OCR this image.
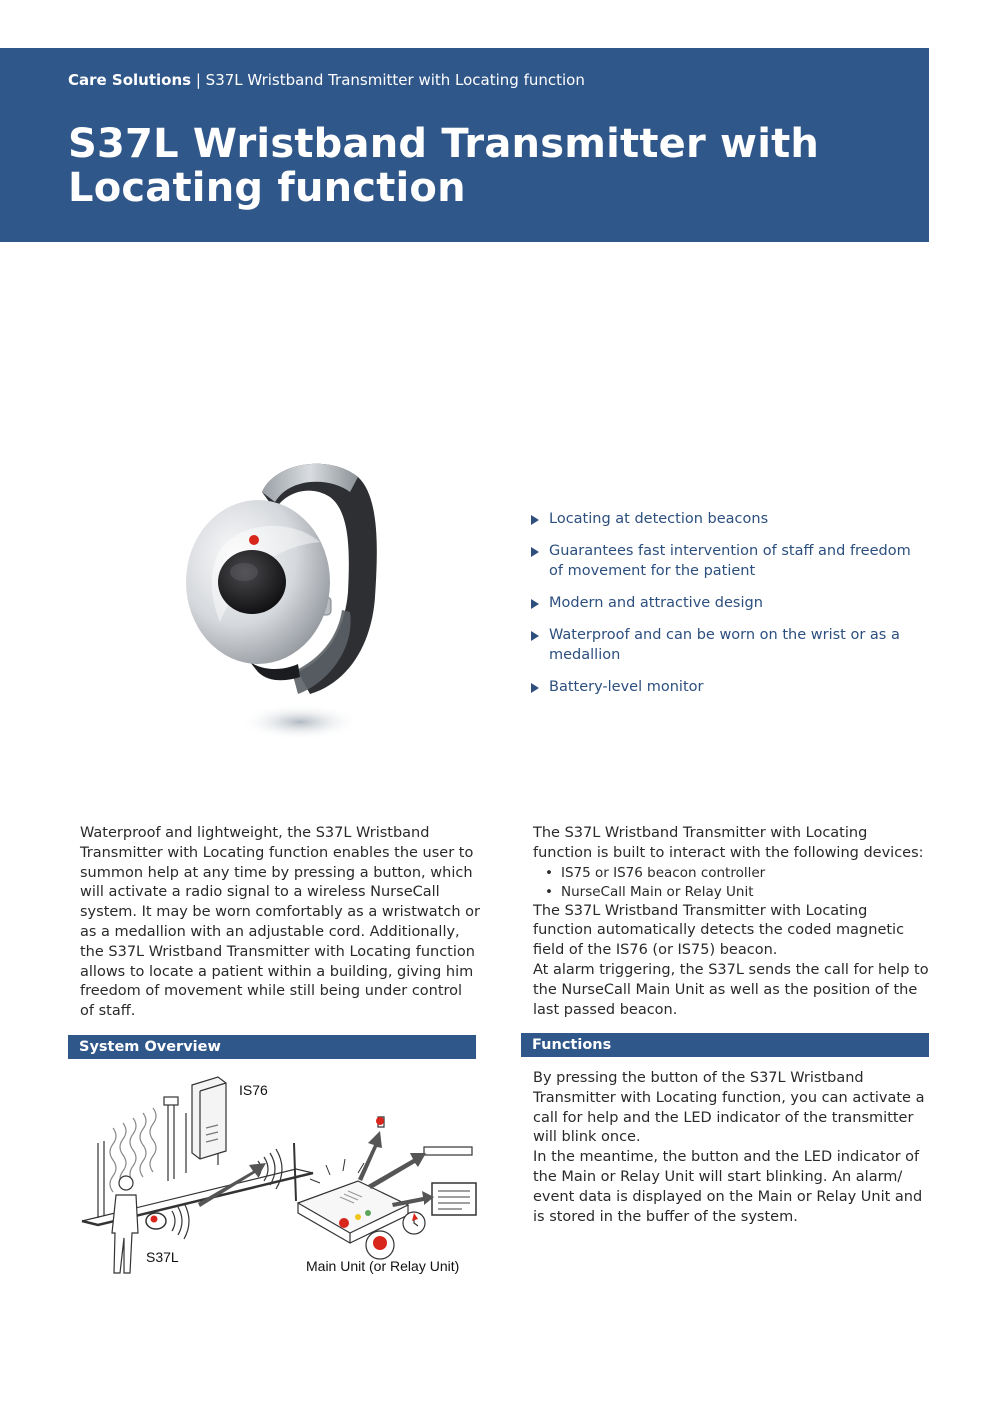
Care Solutions | S37L Wristband Transmitter with Locating function
S37L Wristband Transmitter with Locating function
Locating at detection beacons
Guarantees fast intervention of staff and freedom of movement for the patient
Modern and attractive design
Waterproof and can be worn on the wrist or as a medallion
Battery-level monitor

Waterproof and lightweight, the S37L Wristband Transmitter with Locating function enables the user to summon help at any time by pressing a button, which will activate a radio signal to a wireless NurseCall system. It may be worn comfortably as a wristwatch or as a medallion with an adjustable cord. Additionally, the S37L Wristband Transmitter with Locating function allows to locate a patient within a building, giving him freedom of movement while still being under control of staff.

The S37L Wristband Transmitter with Locating function is built to interact with the following devices:

• IS75 or IS76 beacon controller
• NurseCall Main or Relay Unit

The S37L Wristband Transmitter with Locating function automatically detects the coded magnetic field of the IS76 (or IS75) beacon.

At alarm triggering, the S37L sends the call for help to the NurseCall Main Unit as well as the position of the last passed beacon.

System Overview	Functions

By pressing the button of the S37L Wristband Transmitter with Locating function, you can activate a call for help and the LED indicator of the transmitter will blink once.

In the meantime, the button and the LED indicator of the Main or Relay Unit will start blinking. An alarm/ event data is displayed on the Main or Relay Unit and is stored in the buffer of the system.

IS76
S37L
Main Unit (or Relay Unit)
